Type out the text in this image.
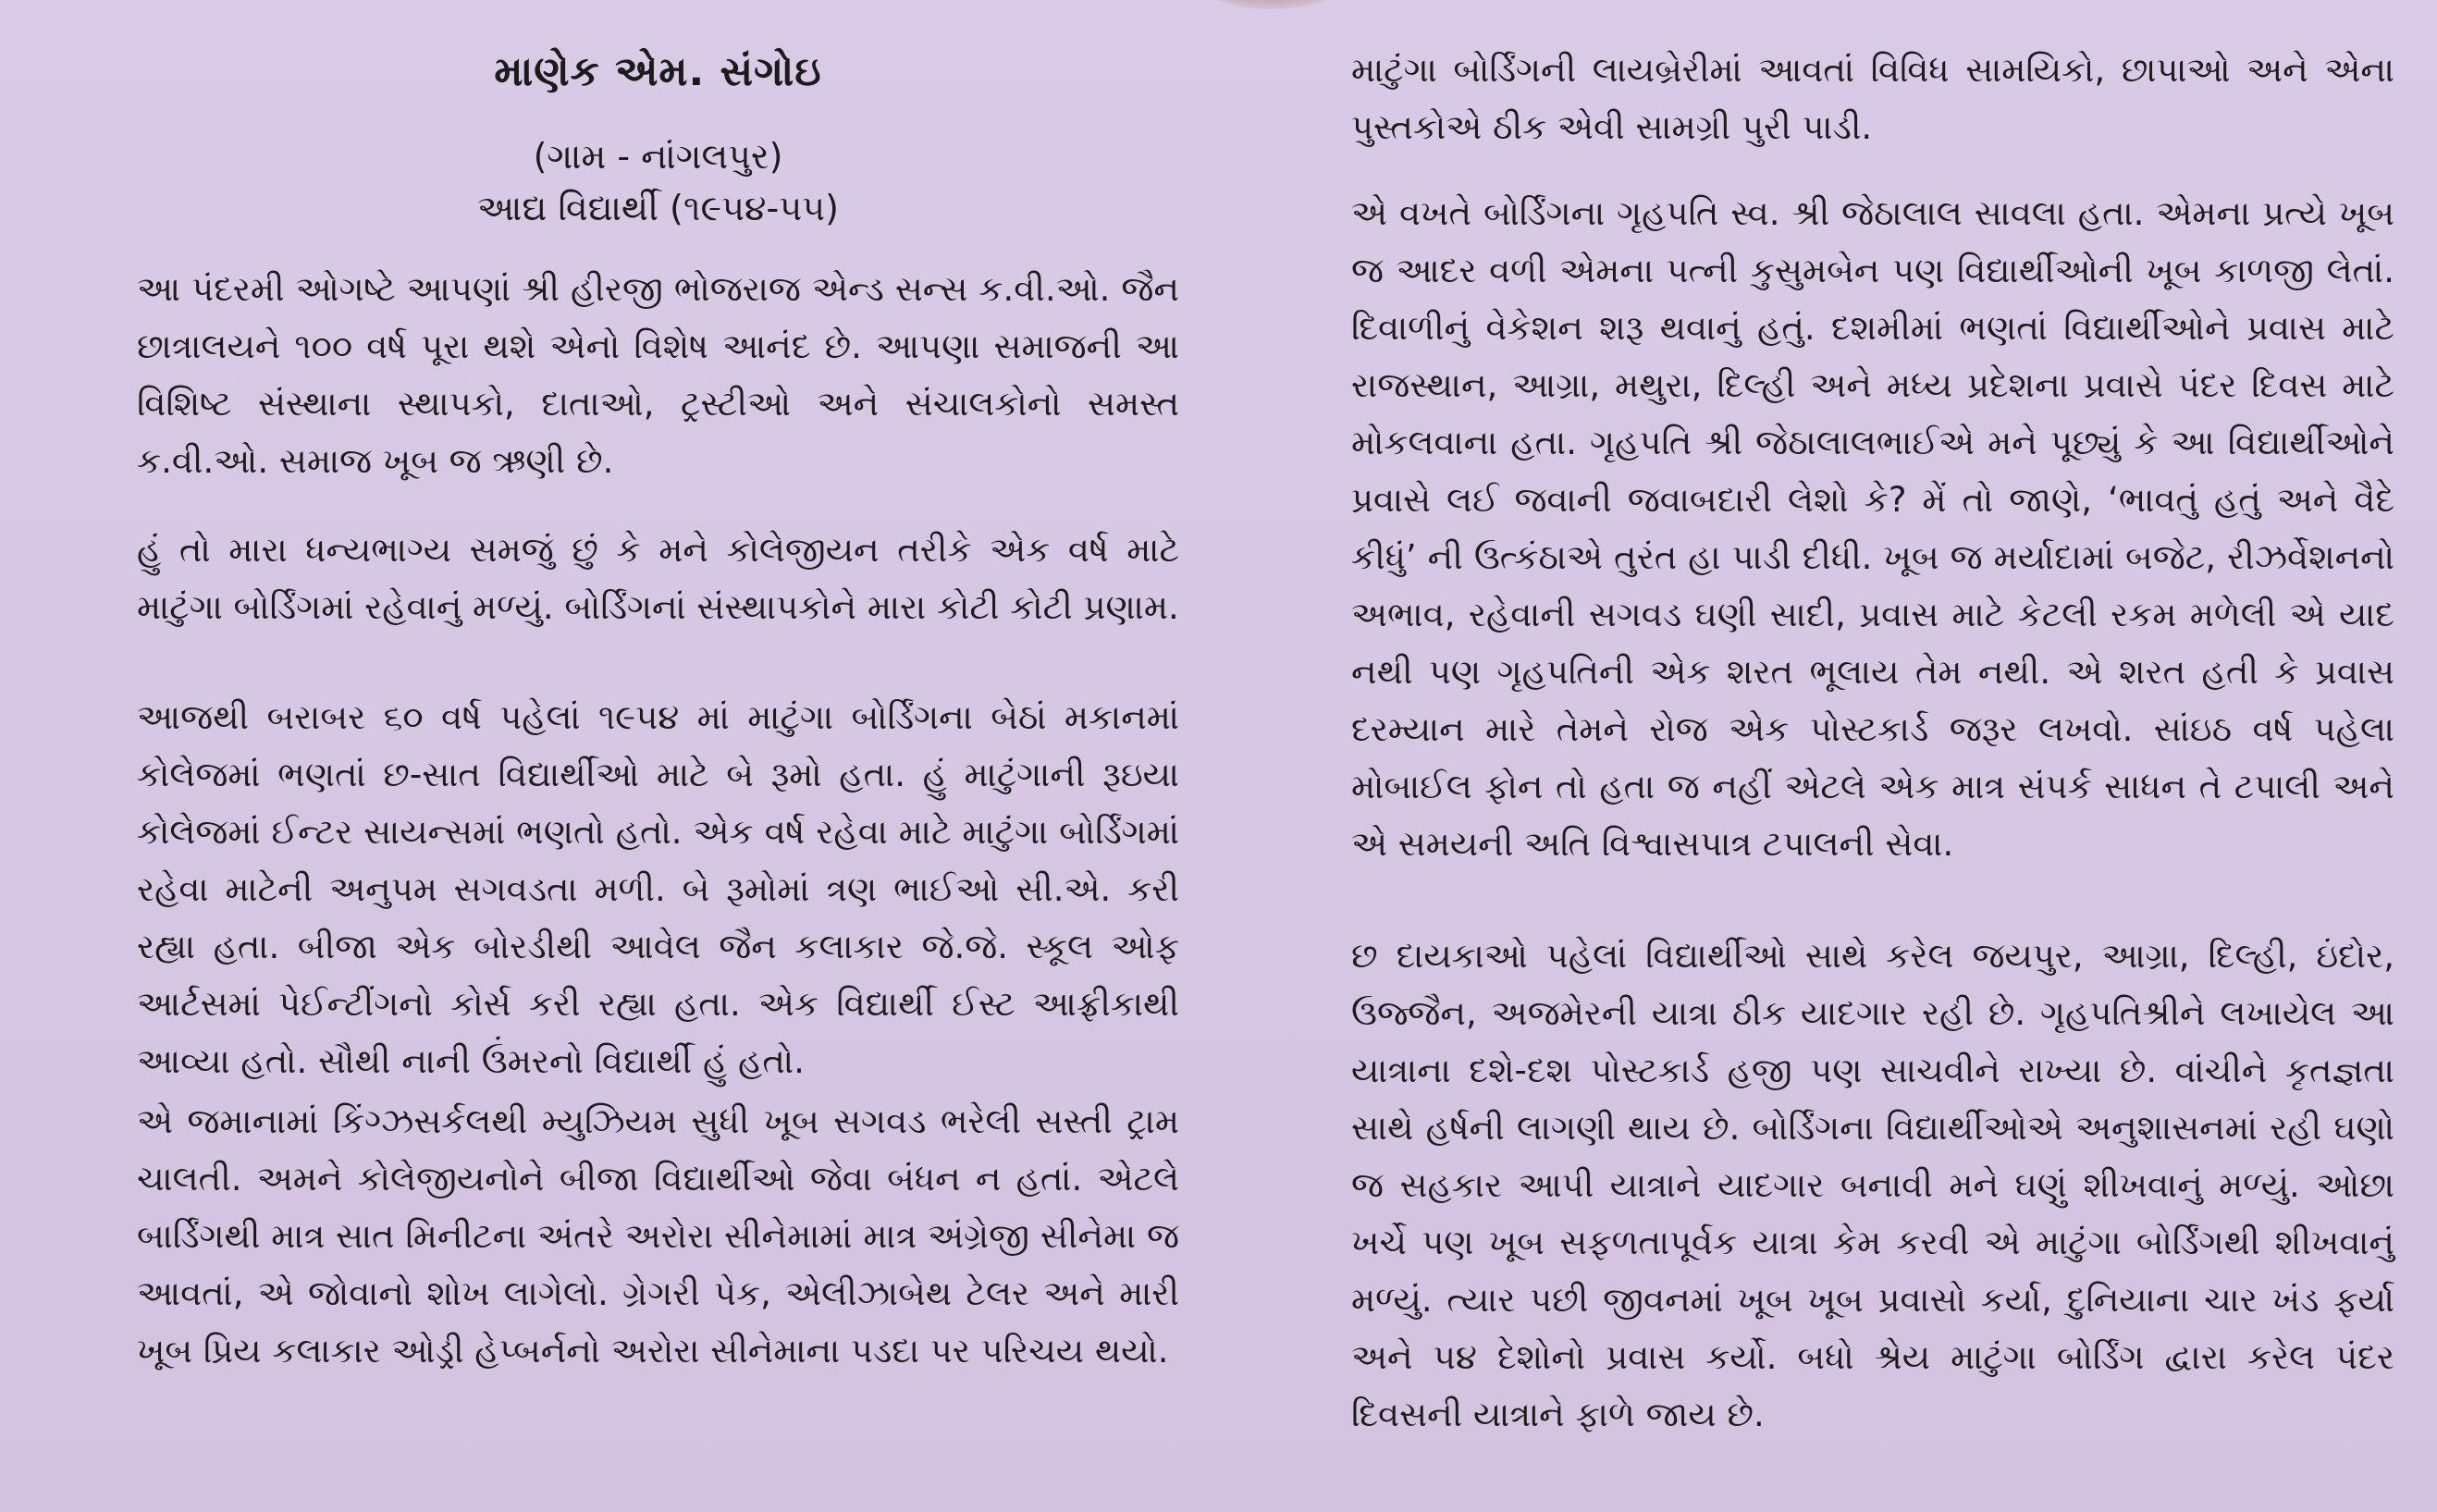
માણેક એમ. સંગોઇ
(ગામ - નાંગલપુર)
આદ્ય વિદ્યાર્થી (૧૯૫૪-૫૫)

આ પંદરમી ઓગષ્ટે આપણાં શ્રી હીરજી ભોજરાજ એન્ડ સન્સ ક.વી.ઓ. જૈન છાત્રાલયને ૧૦૦ વર્ષ પૂરા થશે એનો વિશેષ આનંદ છે. આપણા સમાજની આ વિશિષ્ટ સંસ્થાના સ્થાપકો, દાતાઓ, ટ્રસ્ટીઓ અને સંચાલકોનો સમસ્ત ક.વી.ઓ. સમાજ ખૂબ જ ઋણી છે.

હું તો મારા ધન્યભાગ્ય સમજું છું કે મને કોલેજીયન તરીકે એક વર્ષ માટે માટુંગા બોર્ડિંગમાં રહેવાનું મળ્યું. બોર્ડિંગનાં સંસ્થાપકોને મારા કોટી કોટી પ્રણામ.

આજથી બરાબર ૬૦ વર્ષ પહેલાં ૧૯૫૪ માં માટુંગા બોર્ડિંગના બેઠાં મકાનમાં કોલેજમાં ભણતાં છ-સાત વિદ્યાર્થીઓ માટે બે રૂમો હતા. હું માટુંગાની રૂઇયા કોલેજમાં ઈન્ટર સાયન્સમાં ભણતો હતો. એક વર્ષ રહેવા માટે માટુંગા બોર્ડિંગમાં રહેવા માટેની અનુપમ સગવડતા મળી. બે રૂમોમાં ત્રણ ભાઈઓ સી.એ. કરી રહ્યા હતા. બીજા એક બોરડીથી આવેલ જૈન કલાકાર જે.જે. સ્કૂલ ઓફ આર્ટસમાં પેઈન્ટીંગનો કોર્સ કરી રહ્યા હતા. એક વિદ્યાર્થી ઈસ્ટ આફ્રીકાથી આવ્યા હતો. સૌથી નાની ઉંમરનો વિદ્યાર્થી હું હતો.

એ જમાનામાં કિંગ્ઝસર્કલથી મ્યુઝિયમ સુધી ખૂબ સગવડ ભરેલી સસ્તી ટ્રામ ચાલતી. અમને કોલેજીયનોને બીજા વિદ્યાર્થીઓ જેવા બંધન ન હતાં. એટલે બાર્ડિંગથી માત્ર સાત મિનીટના અંતરે અરોરા સીનેમામાં માત્ર અંગ્રેજી સીનેમા જ આવતાં, એ જોવાનો શોખ લાગેલો. ગ્રેગરી પેક, એલીઝાબેથ ટેલર અને મારી ખૂબ પ્રિય કલાકાર ઓડ્રી હેપ્બર્નનો અરોરા સીનેમાના પડદા પર પરિચય થયો.

માટુંગા બોર્ડિંગની લાયબ્રેરીમાં આવતાં વિવિધ સામયિકો, છાપાઓ અને એના પુસ્તકોએ ઠીક એવી સામગ્રી પુરી પાડી.

એ વખતે બોર્ડિંગના ગૃહપતિ સ્વ. શ્રી જેઠાલાલ સાવલા હતા. એમના પ્રત્યે ખૂબ જ આદર વળી એમના પત્ની કુસુમબેન પણ વિદ્યાર્થીઓની ખૂબ કાળજી લેતાં. દિવાળીનું વેકેશન શરૂ થવાનું હતું. દશમીમાં ભણતાં વિદ્યાર્થીઓને પ્રવાસ માટે રાજસ્થાન, આગ્રા, મથુરા, દિલ્હી અને મધ્ય પ્રદેશના પ્રવાસે પંદર દિવસ માટે મોકલવાના હતા. ગૃહપતિ શ્રી જેઠાલાલભાઈએ મને પૂછ્યું કે આ વિદ્યાર્થીઓને પ્રવાસે લઈ જવાની જવાબદારી લેશો કે? મેં તો જાણે, ‘ભાવતું હતું અને વૈદે કીધું’ ની ઉત્કંઠાએ તુરંત હા પાડી દીધી. ખૂબ જ મર્યાદામાં બજેટ, રીઝર્વેશનનો અભાવ, રહેવાની સગવડ ઘણી સાદી, પ્રવાસ માટે કેટલી રકમ મળેલી એ યાદ નથી પણ ગૃહપતિની એક શરત ભૂલાય તેમ નથી. એ શરત હતી કે પ્રવાસ દરમ્યાન મારે તેમને રોજ એક પોસ્ટકાર્ડ જરૂર લખવો. સાંઇઠ વર્ષ પહેલા મોબાઈલ ફોન તો હતા જ નહીં એટલે એક માત્ર સંપર્ક સાધન તે ટપાલી અને એ સમયની અતિ વિશ્વાસપાત્ર ટપાલની સેવા.

છ દાયકાઓ પહેલાં વિદ્યાર્થીઓ સાથે કરેલ જયપુર, આગ્રા, દિલ્હી, ઇંદોર, ઉજ્જૈન, અજમેરની યાત્રા ઠીક યાદગાર રહી છે. ગૃહપતિશ્રીને લખાયેલ આ યાત્રાના દશે-દશ પોસ્ટકાર્ડ હજી પણ સાચવીને રાખ્યા છે. વાંચીને કૃતજ્ઞતા સાથે હર્ષની લાગણી થાય છે. બોર્ડિંગના વિદ્યાર્થીઓએ અનુશાસનમાં રહી ઘણો જ સહકાર આપી યાત્રાને યાદગાર બનાવી મને ઘણું શીખવાનું મળ્યું. ઓછા ખર્ચે પણ ખૂબ સફળતાપૂર્વક યાત્રા કેમ કરવી એ માટુંગા બોર્ડિંગથી શીખવાનું મળ્યું. ત્યાર પછી જીવનમાં ખૂબ ખૂબ પ્રવાસો કર્યા, દુનિયાના ચાર ખંડ ફર્યા અને ૫૪ દેશોનો પ્રવાસ કર્યો. બધો શ્રેય માટુંગા બોર્ડિંગ દ્વારા કરેલ પંદર દિવસની યાત્રાને ફાળે જાય છે.
